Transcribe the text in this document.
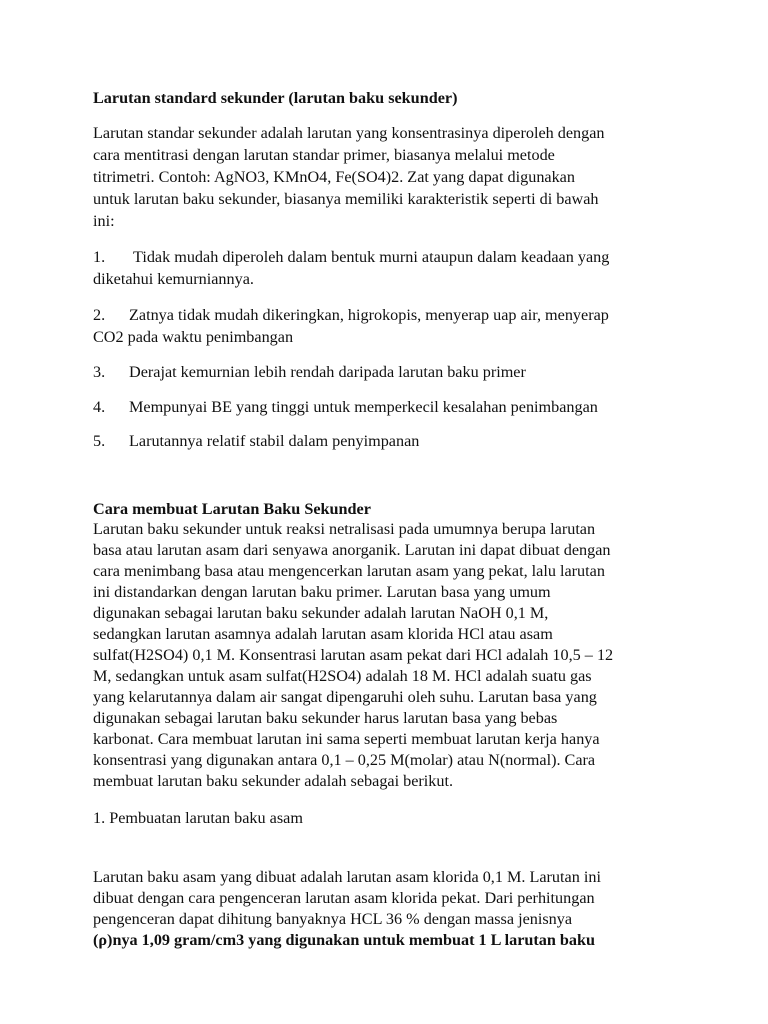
Larutan standard sekunder (larutan baku sekunder)
Larutan standar sekunder adalah larutan yang konsentrasinya diperoleh dengan
cara mentitrasi dengan larutan standar primer, biasanya melalui metode
titrimetri. Contoh: AgNO3, KMnO4, Fe(SO4)2. Zat yang dapat digunakan
untuk larutan baku sekunder, biasanya memiliki karakteristik seperti di bawah
ini:
1. Tidak mudah diperoleh dalam bentuk murni ataupun dalam keadaan yang
diketahui kemurniannya.
2. Zatnya tidak mudah dikeringkan, higrokopis, menyerap uap air, menyerap
CO2 pada waktu penimbangan
3. Derajat kemurnian lebih rendah daripada larutan baku primer
4. Mempunyai BE yang tinggi untuk memperkecil kesalahan penimbangan
5. Larutannya relatif stabil dalam penyimpanan
Cara membuat Larutan Baku Sekunder
Larutan baku sekunder untuk reaksi netralisasi pada umumnya berupa larutan
basa atau larutan asam dari senyawa anorganik. Larutan ini dapat dibuat dengan
cara menimbang basa atau mengencerkan larutan asam yang pekat, lalu larutan
ini distandarkan dengan larutan baku primer. Larutan basa yang umum
digunakan sebagai larutan baku sekunder adalah larutan NaOH 0,1 M,
sedangkan larutan asamnya adalah larutan asam klorida HCl atau asam
sulfat(H2SO4) 0,1 M. Konsentrasi larutan asam pekat dari HCl adalah 10,5 – 12
M, sedangkan untuk asam sulfat(H2SO4) adalah 18 M. HCl adalah suatu gas
yang kelarutannya dalam air sangat dipengaruhi oleh suhu. Larutan basa yang
digunakan sebagai larutan baku sekunder harus larutan basa yang bebas
karbonat. Cara membuat larutan ini sama seperti membuat larutan kerja hanya
konsentrasi yang digunakan antara 0,1 – 0,25 M(molar) atau N(normal). Cara
membuat larutan baku sekunder adalah sebagai berikut.
1. Pembuatan larutan baku asam
Larutan baku asam yang dibuat adalah larutan asam klorida 0,1 M. Larutan ini
dibuat dengan cara pengenceran larutan asam klorida pekat. Dari perhitungan
pengenceran dapat dihitung banyaknya HCL 36 % dengan massa jenisnya
(ρ)nya 1,09 gram/cm3 yang digunakan untuk membuat 1 L larutan baku
